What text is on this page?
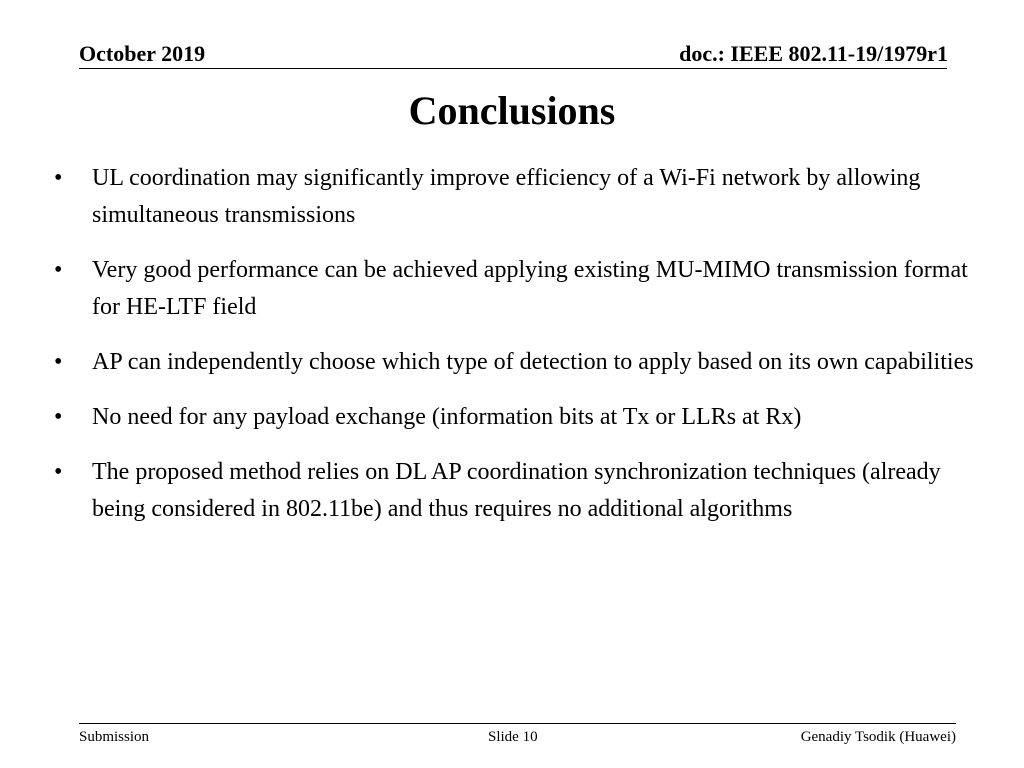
October 2019	doc.: IEEE 802.11-19/1979r1
Conclusions
• UL coordination may significantly improve efficiency of a Wi-Fi network by allowing simultaneous transmissions
• Very good performance can be achieved applying existing MU-MIMO transmission format for HE-LTF field
• AP can independently choose which type of detection to apply based on its own capabilities
• No need for any payload exchange (information bits at Tx or LLRs at Rx)
• The proposed method relies on DL AP coordination synchronization techniques (already being considered in 802.11be) and thus requires no additional algorithms
Submission	Slide 10	Genadiy Tsodik (Huawei)
